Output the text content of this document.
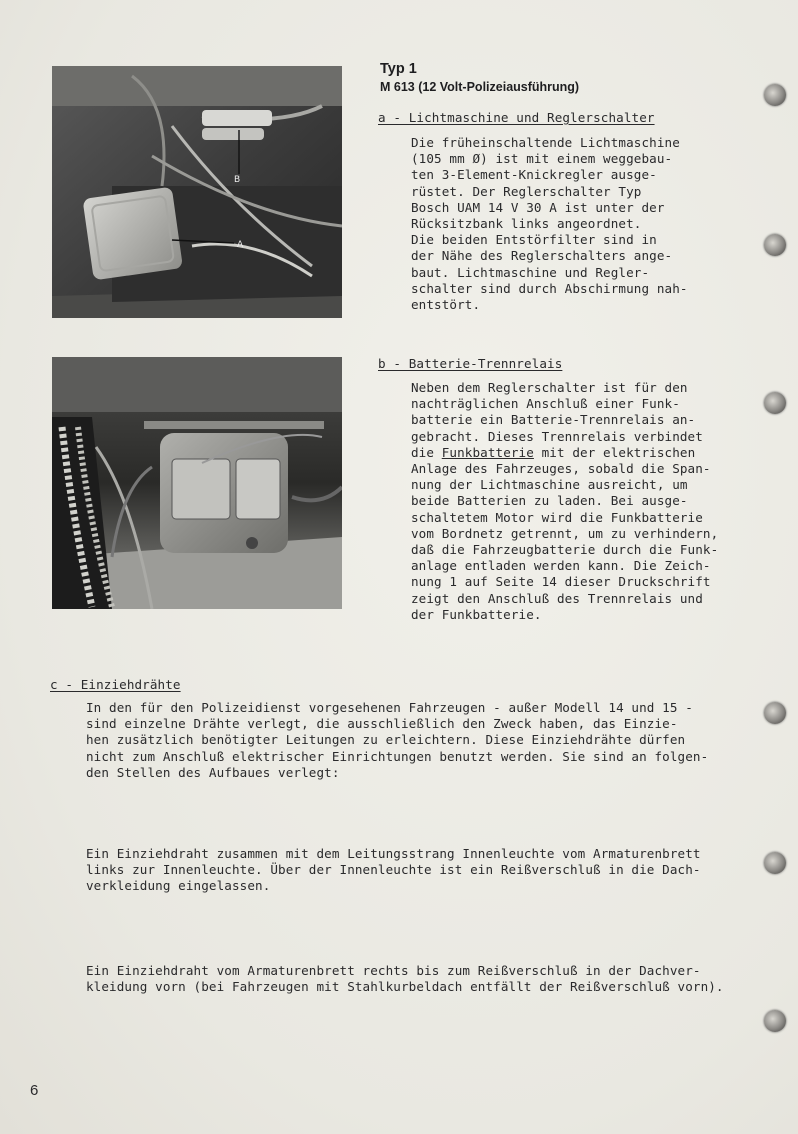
A
B
Typ 1
M 613 (12 Volt-Polizeiausführung)
a - Lichtmaschine und Reglerschalter
Die früheinschaltende Lichtmaschine
(105 mm Ø) ist mit einem weggebau-
ten 3-Element-Knickregler ausge-
rüstet. Der Reglerschalter Typ
Bosch UAM 14 V 30 A ist unter der
Rücksitzbank links angeordnet.
Die beiden Entstörfilter sind in
der Nähe des Reglerschalters ange-
baut. Lichtmaschine und Regler-
schalter sind durch Abschirmung nah-
entstört.
b - Batterie-Trennrelais
Neben dem Reglerschalter ist für den
nachträglichen Anschluß einer Funk-
batterie ein Batterie-Trennrelais an-
gebracht. Dieses Trennrelais verbindet
die Funkbatterie mit der elektrischen
Anlage des Fahrzeuges, sobald die Span-
nung der Lichtmaschine ausreicht, um
beide Batterien zu laden. Bei ausge-
schaltetem Motor wird die Funkbatterie
vom Bordnetz getrennt, um zu verhindern,
daß die Fahrzeugbatterie durch die Funk-
anlage entladen werden kann. Die Zeich-
nung 1 auf Seite 14 dieser Druckschrift
zeigt den Anschluß des Trennrelais und
der Funkbatterie.
c - Einziehdrähte
In den für den Polizeidienst vorgesehenen Fahrzeugen - außer Modell 14 und 15 -
sind einzelne Drähte verlegt, die ausschließlich den Zweck haben, das Einzie-
hen zusätzlich benötigter Leitungen zu erleichtern. Diese Einziehdrähte dürfen
nicht zum Anschluß elektrischer Einrichtungen benutzt werden. Sie sind an folgen-
den Stellen des Aufbaues verlegt:
Ein Einziehdraht zusammen mit dem Leitungsstrang Innenleuchte vom Armaturenbrett
links zur Innenleuchte. Über der Innenleuchte ist ein Reißverschluß in die Dach-
verkleidung eingelassen.
Ein Einziehdraht vom Armaturenbrett rechts bis zum Reißverschluß in der Dachver-
kleidung vorn (bei Fahrzeugen mit Stahlkurbeldach entfällt der Reißverschluß vorn).
6
